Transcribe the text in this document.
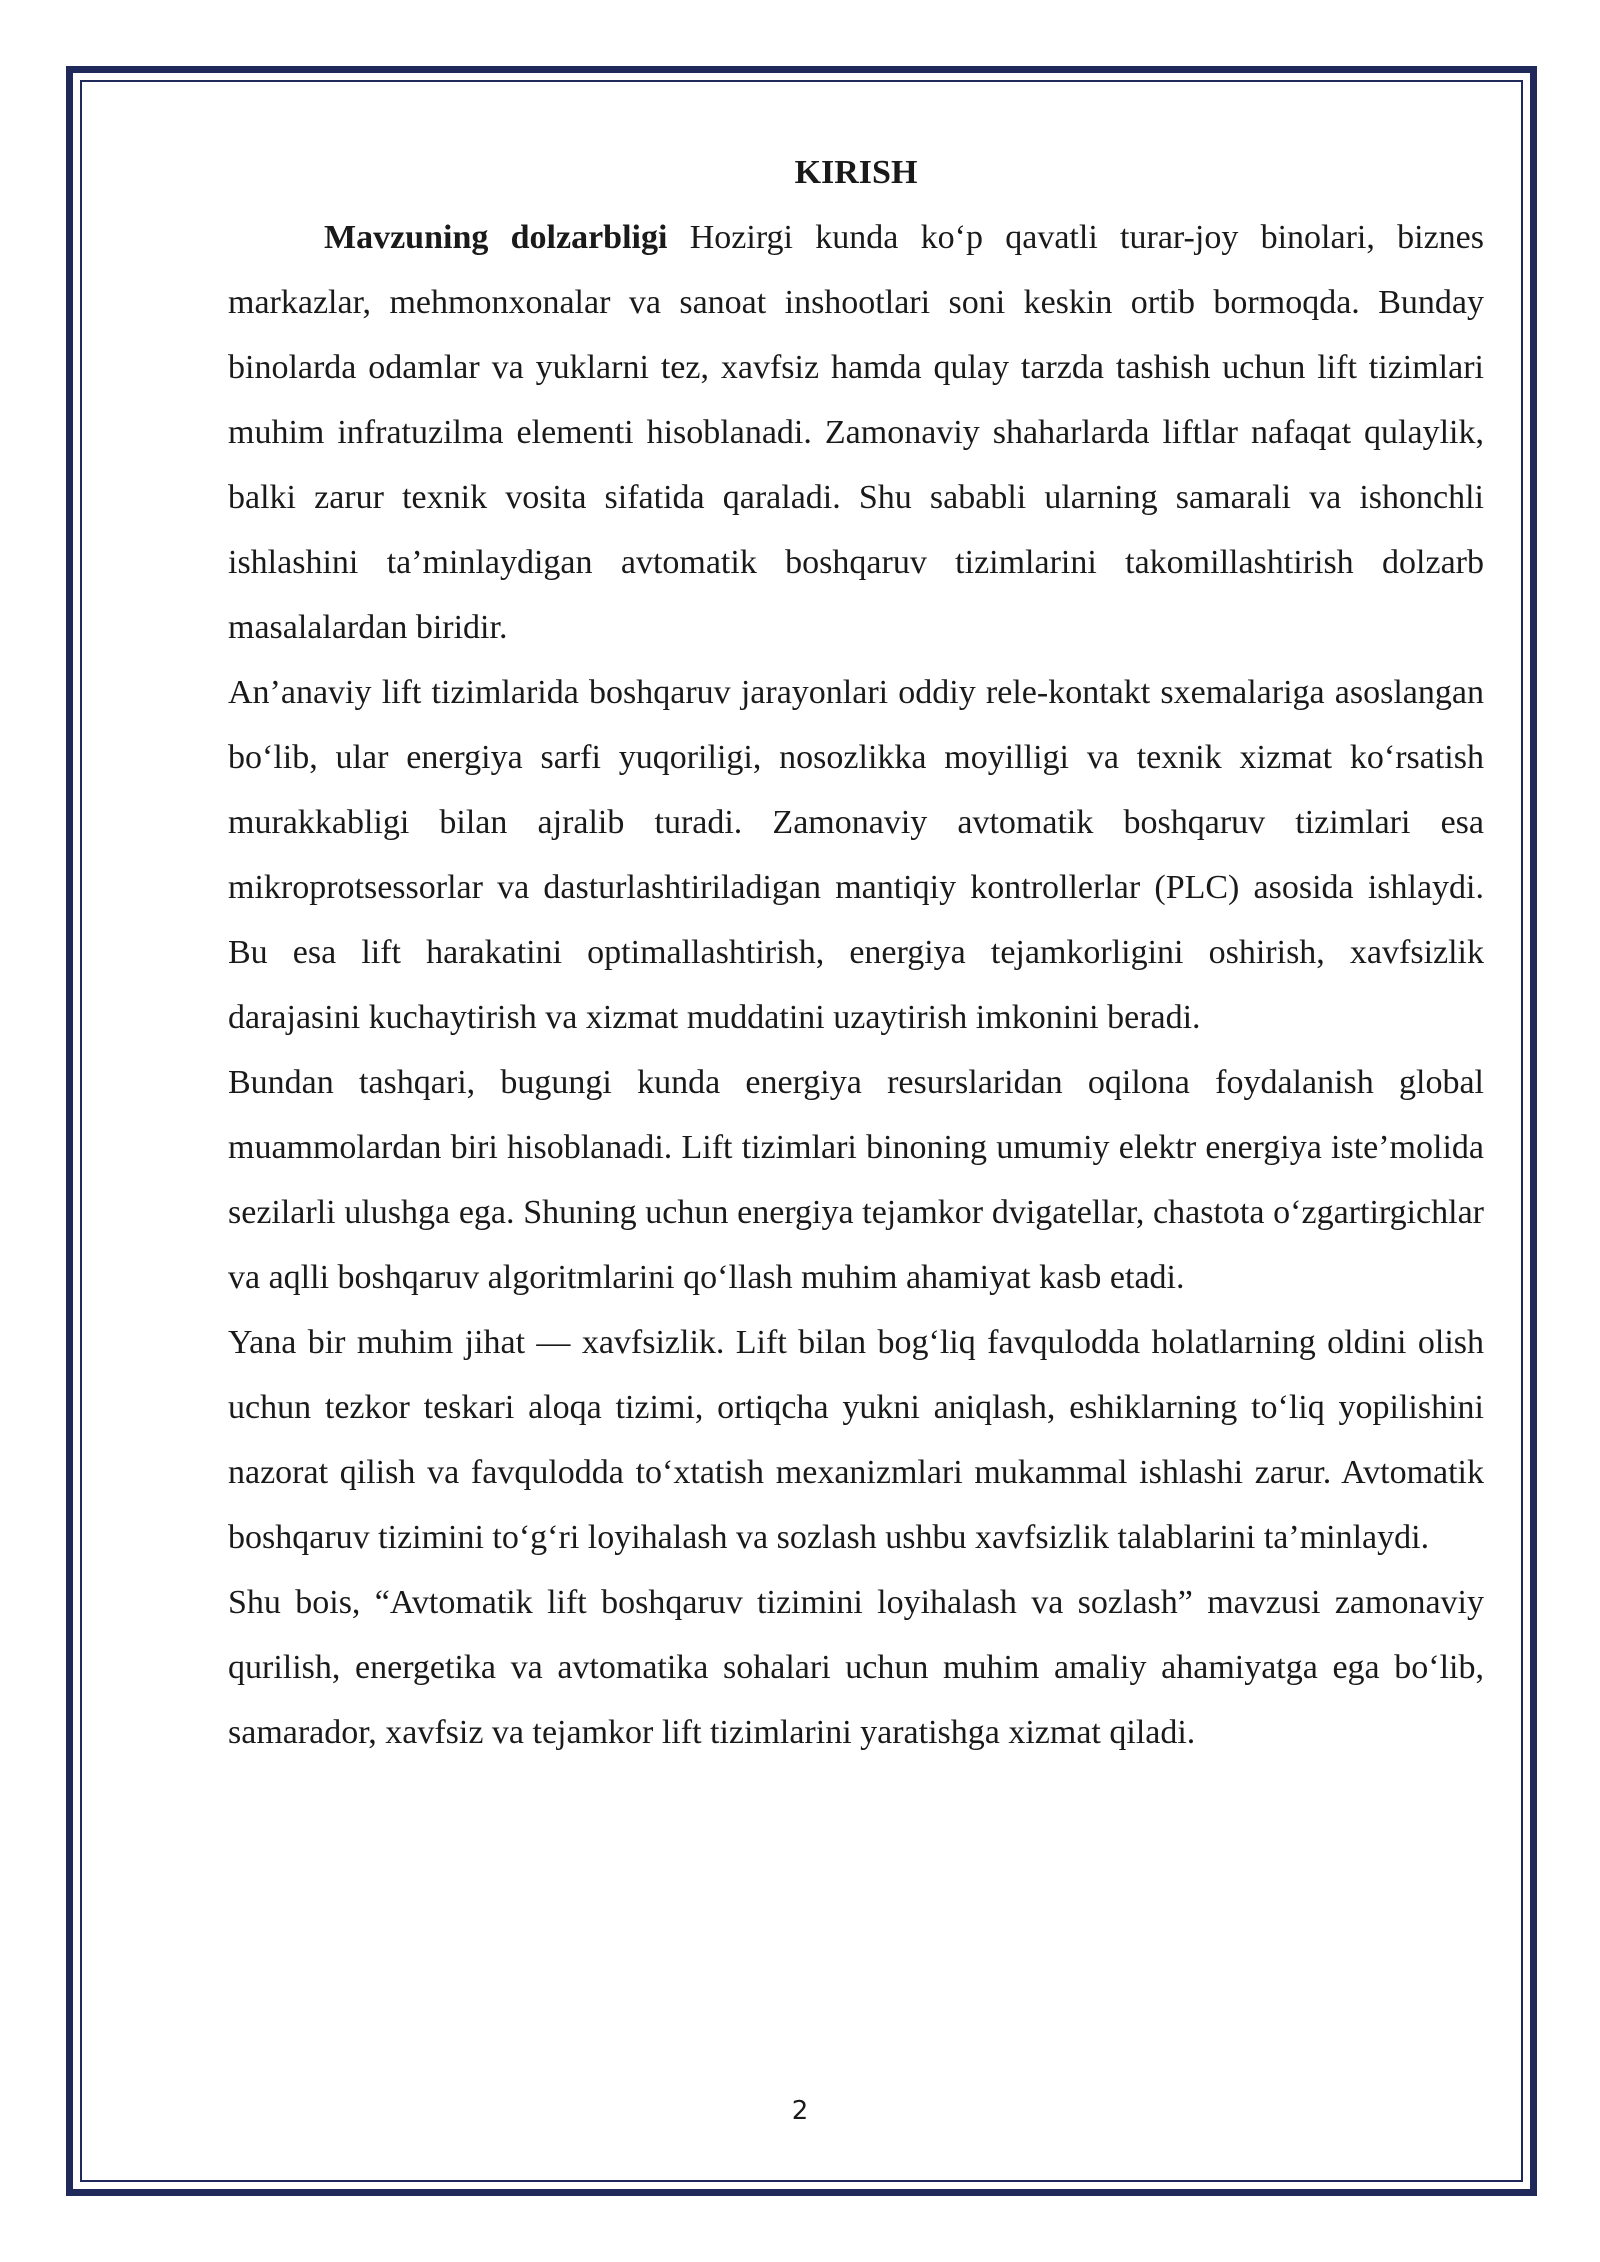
KIRISH

Mavzuning dolzarbligi Hozirgi kunda ko‘p qavatli turar-joy binolari, biznes markazlar, mehmonxonalar va sanoat inshootlari soni keskin ortib bormoqda. Bunday binolarda odamlar va yuklarni tez, xavfsiz hamda qulay tarzda tashish uchun lift tizimlari muhim infratuzilma elementi hisoblanadi. Zamonaviy shaharlarda liftlar nafaqat qulaylik, balki zarur texnik vosita sifatida qaraladi. Shu sababli ularning samarali va ishonchli ishlashini ta’minlaydigan avtomatik boshqaruv tizimlarini takomillashtirish dolzarb masalalardan biridir.

An’anaviy lift tizimlarida boshqaruv jarayonlari oddiy rele-kontakt sxemalariga asoslangan bo‘lib, ular energiya sarfi yuqoriligi, nosozlikka moyilligi va texnik xizmat ko‘rsatish murakkabligi bilan ajralib turadi. Zamonaviy avtomatik boshqaruv tizimlari esa mikroprotsessorlar va dasturlashtiriladigan mantiqiy kontrollerlar (PLC) asosida ishlaydi. Bu esa lift harakatini optimallashtirish, energiya tejamkorligini oshirish, xavfsizlik darajasini kuchaytirish va xizmat muddatini uzaytirish imkonini beradi.

Bundan tashqari, bugungi kunda energiya resurslaridan oqilona foydalanish global muammolardan biri hisoblanadi. Lift tizimlari binoning umumiy elektr energiya iste’molida sezilarli ulushga ega. Shuning uchun energiya tejamkor dvigatellar, chastota o‘zgartirgichlar va aqlli boshqaruv algoritmlarini qo‘llash muhim ahamiyat kasb etadi.

Yana bir muhim jihat — xavfsizlik. Lift bilan bog‘liq favqulodda holatlarning oldini olish uchun tezkor teskari aloqa tizimi, ortiqcha yukni aniqlash, eshiklarning to‘liq yopilishini nazorat qilish va favqulodda to‘xtatish mexanizmlari mukammal ishlashi zarur. Avtomatik boshqaruv tizimini to‘g‘ri loyihalash va sozlash ushbu xavfsizlik talablarini ta’minlaydi.

Shu bois, “Avtomatik lift boshqaruv tizimini loyihalash va sozlash” mavzusi zamonaviy qurilish, energetika va avtomatika sohalari uchun muhim amaliy ahamiyatga ega bo‘lib, samarador, xavfsiz va tejamkor lift tizimlarini yaratishga xizmat qiladi.

2
